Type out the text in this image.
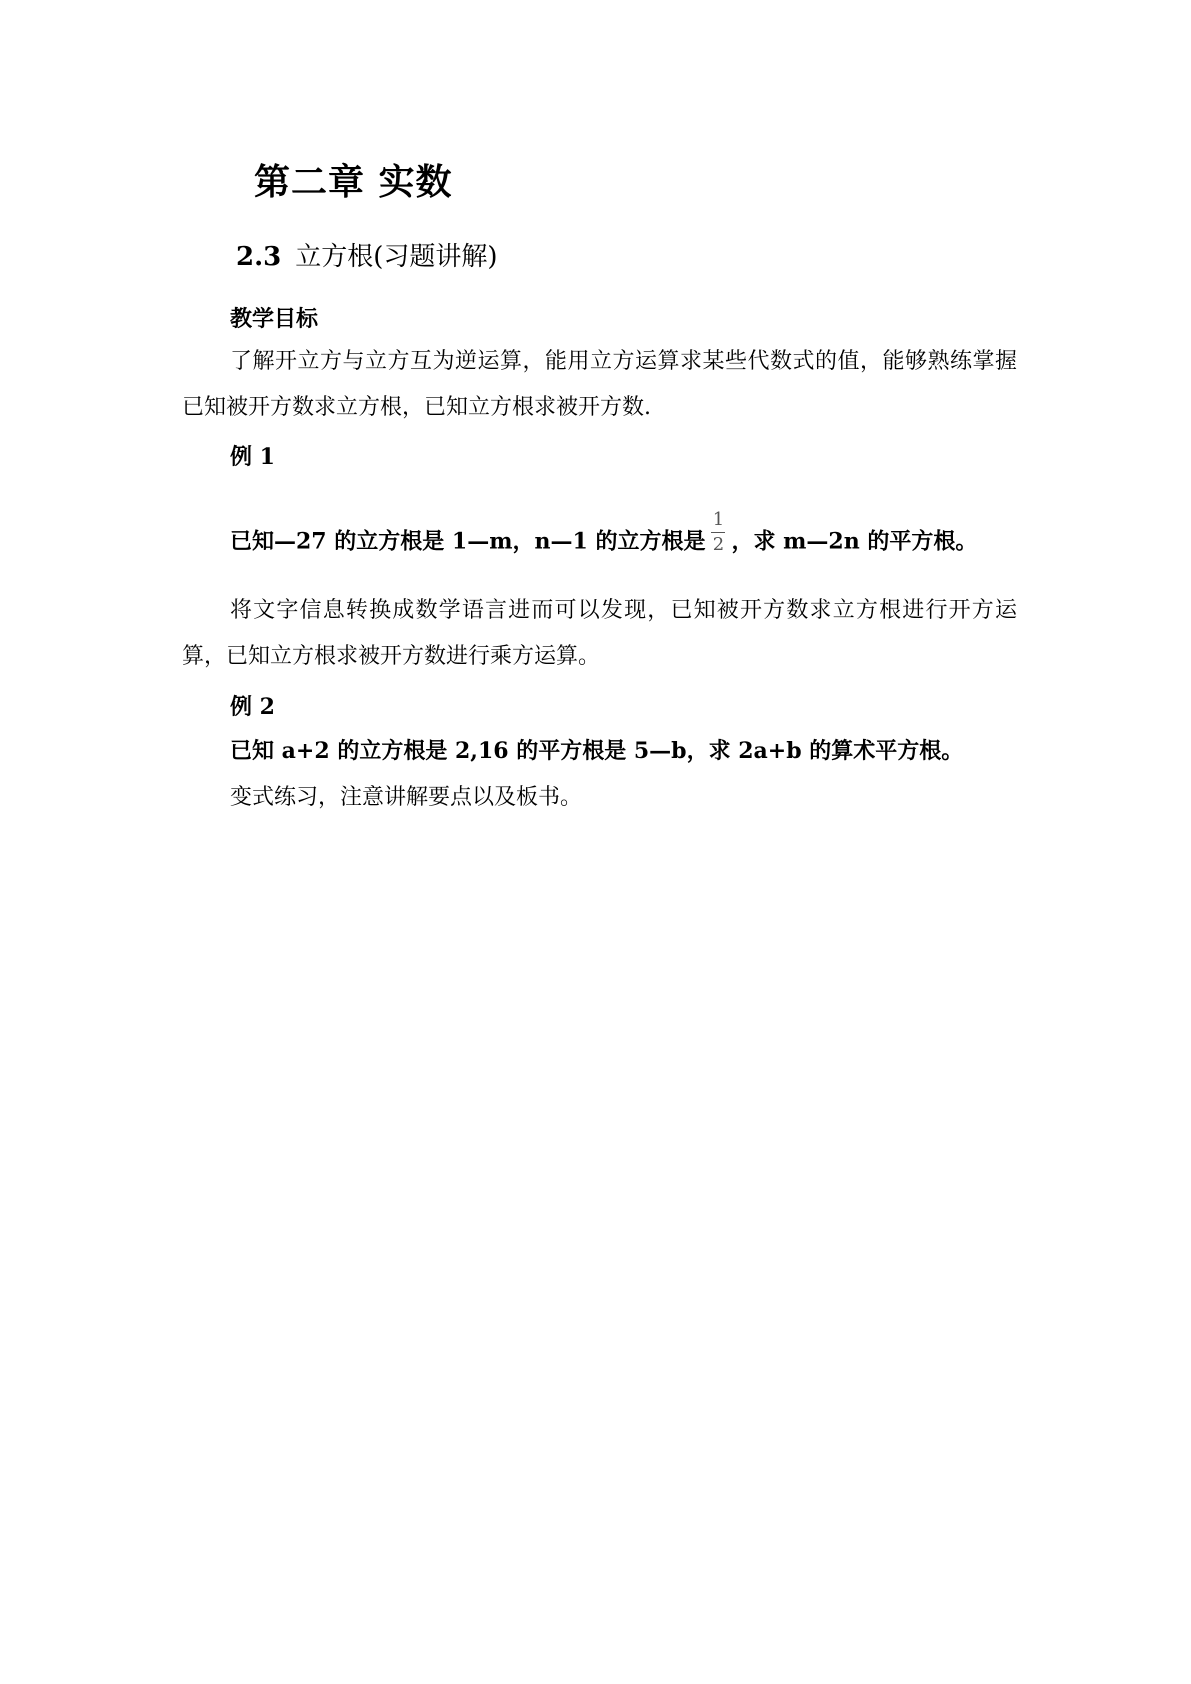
第二章 实数
2.3 立方根(习题讲解)
教学目标
了解开立方与立方互为逆运算，能用立方运算求某些代数式的值，能够熟练掌握已知被开方数求立方根，已知立方根求被开方数.
例 1
已知—27 的立方根是 1—m，n—1 的立方根是 $\frac{1}{2}$ ，求 m—2n 的平方根。
将文字信息转换成数学语言进而可以发现，已知被开方数求立方根进行开方运算，已知立方根求被开方数进行乘方运算。
例 2
已知 a+2 的立方根是 2,16 的平方根是 5—b，求 2a+b 的算术平方根。
变式练习，注意讲解要点以及板书。
